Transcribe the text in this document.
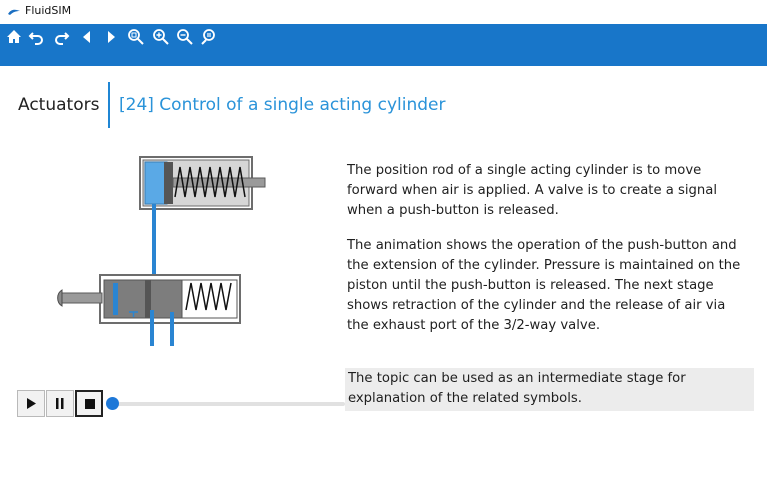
FluidSIM
Actuators [24] Control of a single acting cylinder
The position rod of a single acting cylinder is to move forward when air is applied. A valve is to create a signal when a push-button is released.
The animation shows the operation of the push-button and the extension of the cylinder. Pressure is maintained on the piston until the push-button is released. The next stage shows retraction of the cylinder and the release of air via the exhaust port of the 3/2-way valve.
The topic can be used as an intermediate stage for explanation of the related symbols.
